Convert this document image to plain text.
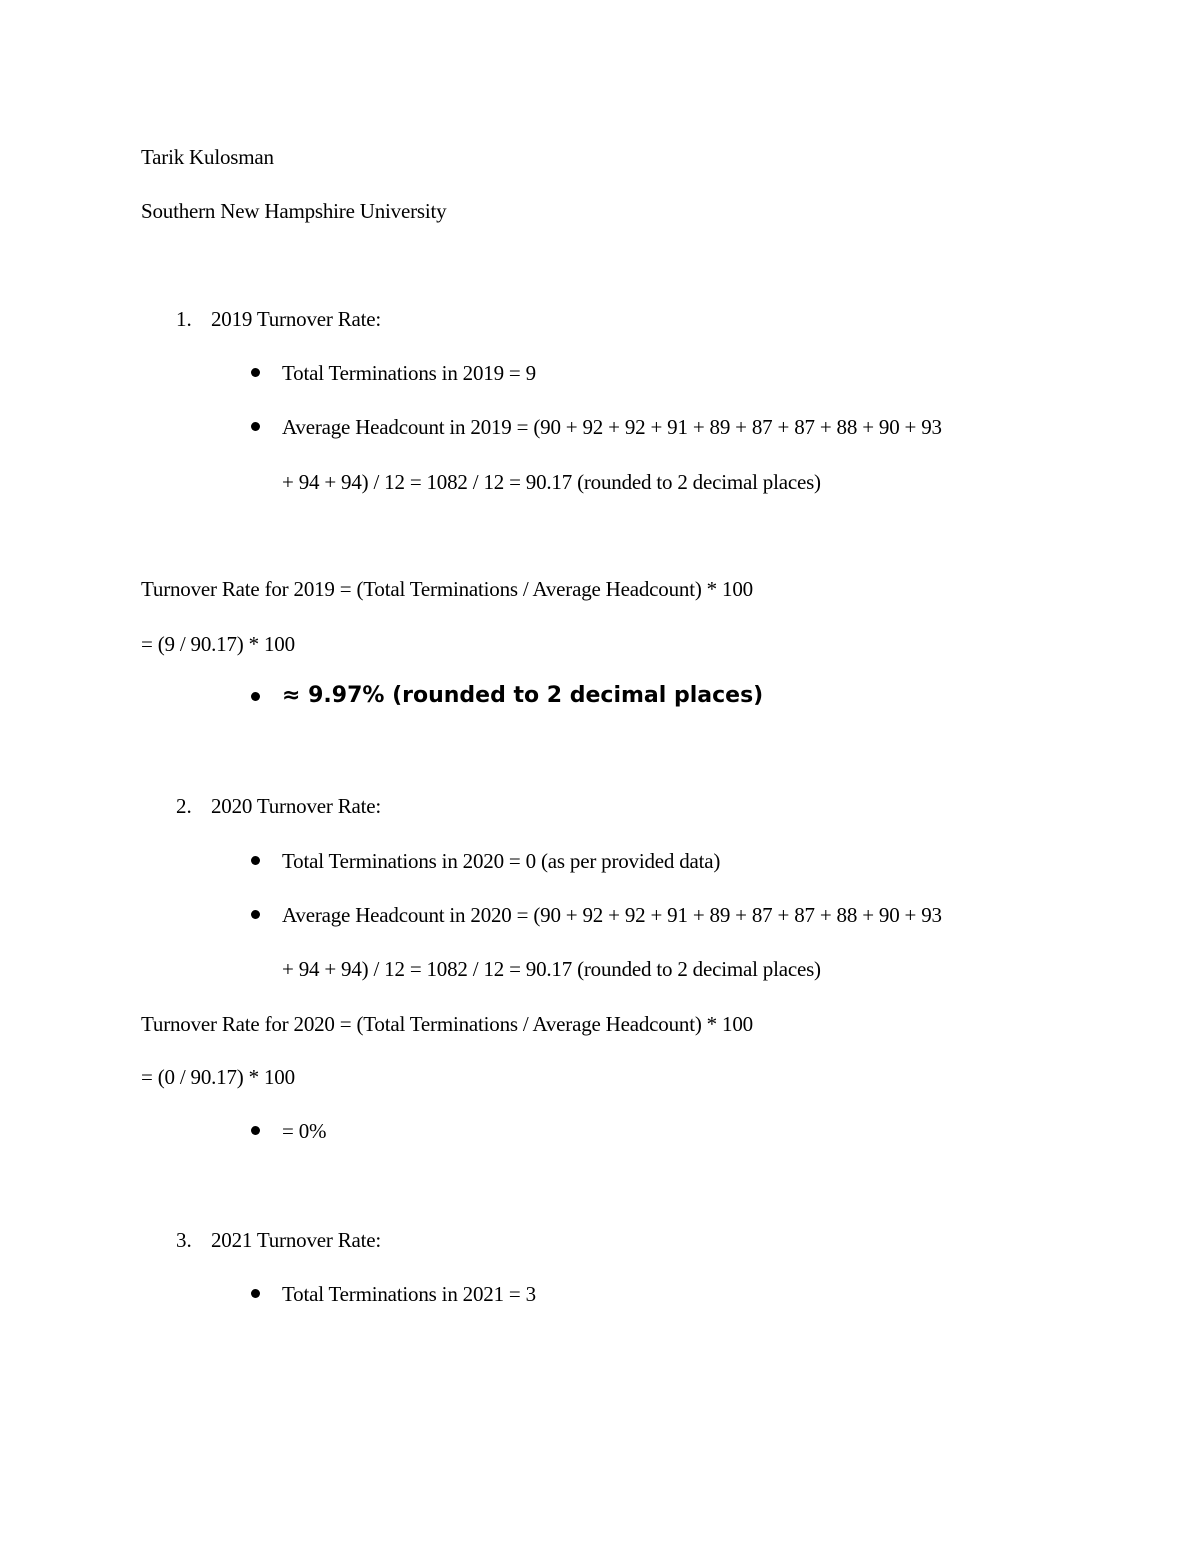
Tarik Kulosman
Southern New Hampshire University
1. 2019 Turnover Rate:
Total Terminations in 2019 = 9
Average Headcount in 2019 = (90 + 92 + 92 + 91 + 89 + 87 + 87 + 88 + 90 + 93
+ 94 + 94) / 12 = 1082 / 12 = 90.17 (rounded to 2 decimal places)
Turnover Rate for 2019 = (Total Terminations / Average Headcount) * 100
= (9 / 90.17) * 100
≈ 9.97% (rounded to 2 decimal places)
2. 2020 Turnover Rate:
Total Terminations in 2020 = 0 (as per provided data)
Average Headcount in 2020 = (90 + 92 + 92 + 91 + 89 + 87 + 87 + 88 + 90 + 93
+ 94 + 94) / 12 = 1082 / 12 = 90.17 (rounded to 2 decimal places)
Turnover Rate for 2020 = (Total Terminations / Average Headcount) * 100
= (0 / 90.17) * 100
= 0%
3. 2021 Turnover Rate:
Total Terminations in 2021 = 3
